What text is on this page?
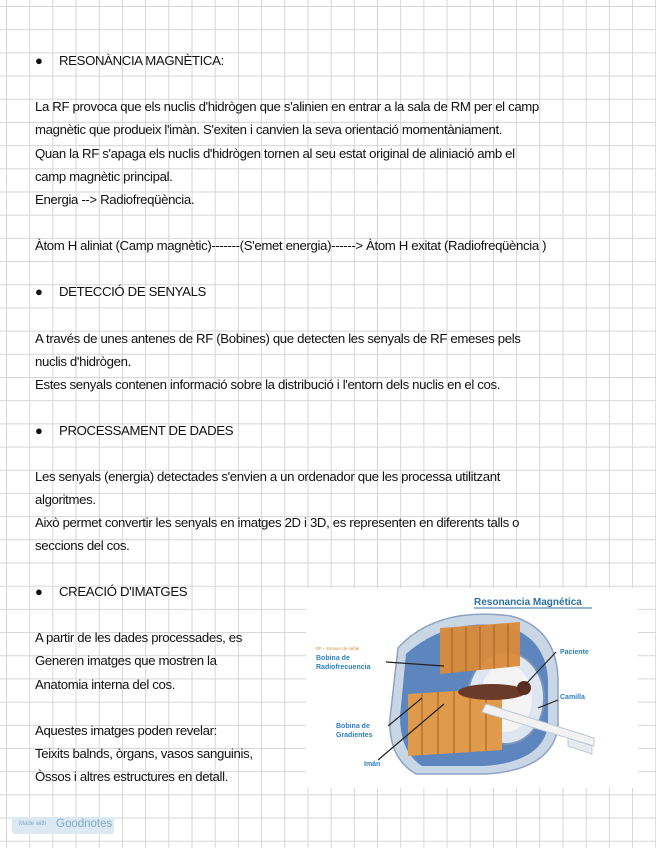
● RESONÀNCIA MAGNÈTICA:
La RF provoca que els nuclis d'hidrògen que s'alinien en entrar a la sala de RM per el camp
magnètic que produeix l'imàn. S'exiten i canvien la seva orientació momentàniament.
Quan la RF s'apaga els nuclis d'hidrògen tornen al seu estat original de aliniació amb el
camp magnètic principal.
Energia --> Radiofreqüència.
Àtom H aliniat (Camp magnètic)-------(S'emet energia)------> Àtom H exitat (Radiofreqüència )
● DETECCIÓ DE SENYALS
A través de unes antenes de RF (Bobines) que detecten les senyals de RF emeses pels
nuclis d'hidrògen.
Estes senyals contenen informació sobre la distribució i l'entorn dels nuclis en el cos.
● PROCESSAMENT DE DADES
Les senyals (energia) detectades s'envien a un ordenador que les processa utilitzant
algoritmes.
Això permet convertir les senyals en imatges 2D i 3D, es representen en diferents talls o
seccions del cos.
● CREACIÓ D'IMATGES
A partir de les dades processades, es
Generen imatges que mostren la
Anatomia interna del cos.
Aquestes imatges poden revelar:
Teixits balnds, òrgans, vasos sanguinis,
Òssos i altres estructures en detall.
Resonancia Magnética
RF – Emisor de señal
Bobina de
Radiofrecuencia
Bobina de
Gradientes
Imán
Paciente
Camilla
Made with Goodnotes
